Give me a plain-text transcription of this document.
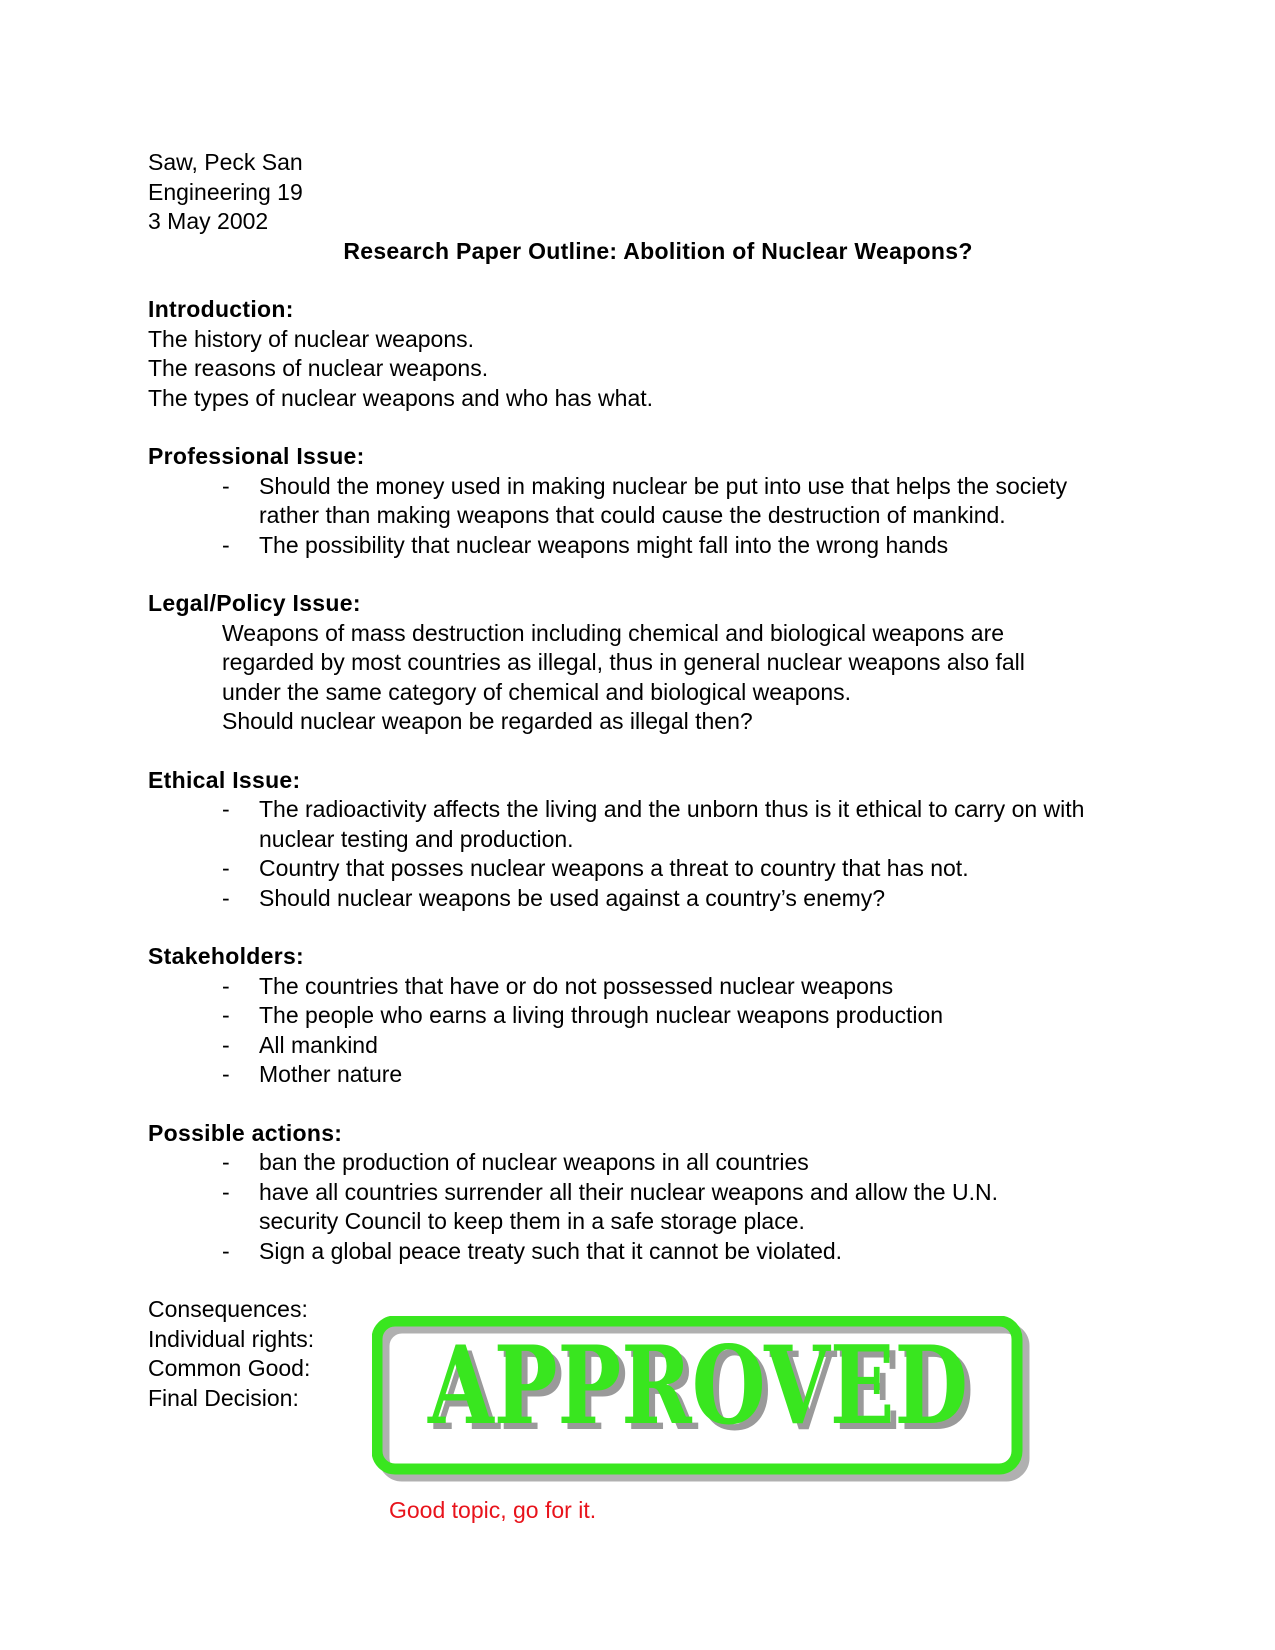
Saw, Peck San
Engineering 19
3 May 2002
Research Paper Outline: Abolition of Nuclear Weapons?
Introduction:
The history of nuclear weapons.
The reasons of nuclear weapons.
The types of nuclear weapons and who has what.
Professional Issue:
- Should the money used in making nuclear be put into use that helps the society rather than making weapons that could cause the destruction of mankind.
- The possibility that nuclear weapons might fall into the wrong hands
Legal/Policy Issue:
Weapons of mass destruction including chemical and biological weapons are regarded by most countries as illegal, thus in general nuclear weapons also fall under the same category of chemical and biological weapons.
Should nuclear weapon be regarded as illegal then?
Ethical Issue:
- The radioactivity affects the living and the unborn thus is it ethical to carry on with nuclear testing and production.
- Country that posses nuclear weapons a threat to country that has not.
- Should nuclear weapons be used against a country’s enemy?
Stakeholders:
- The countries that have or do not possessed nuclear weapons
- The people who earns a living through nuclear weapons production
- All mankind
- Mother nature
Possible actions:
- ban the production of nuclear weapons in all countries
- have all countries surrender all their nuclear weapons and allow the U.N. security Council to keep them in a safe storage place.
- Sign a global peace treaty such that it cannot be violated.
Consequences:
Individual rights:
Common Good:
Final Decision:	APPROVED
APPROVED
Good topic, go for it.
